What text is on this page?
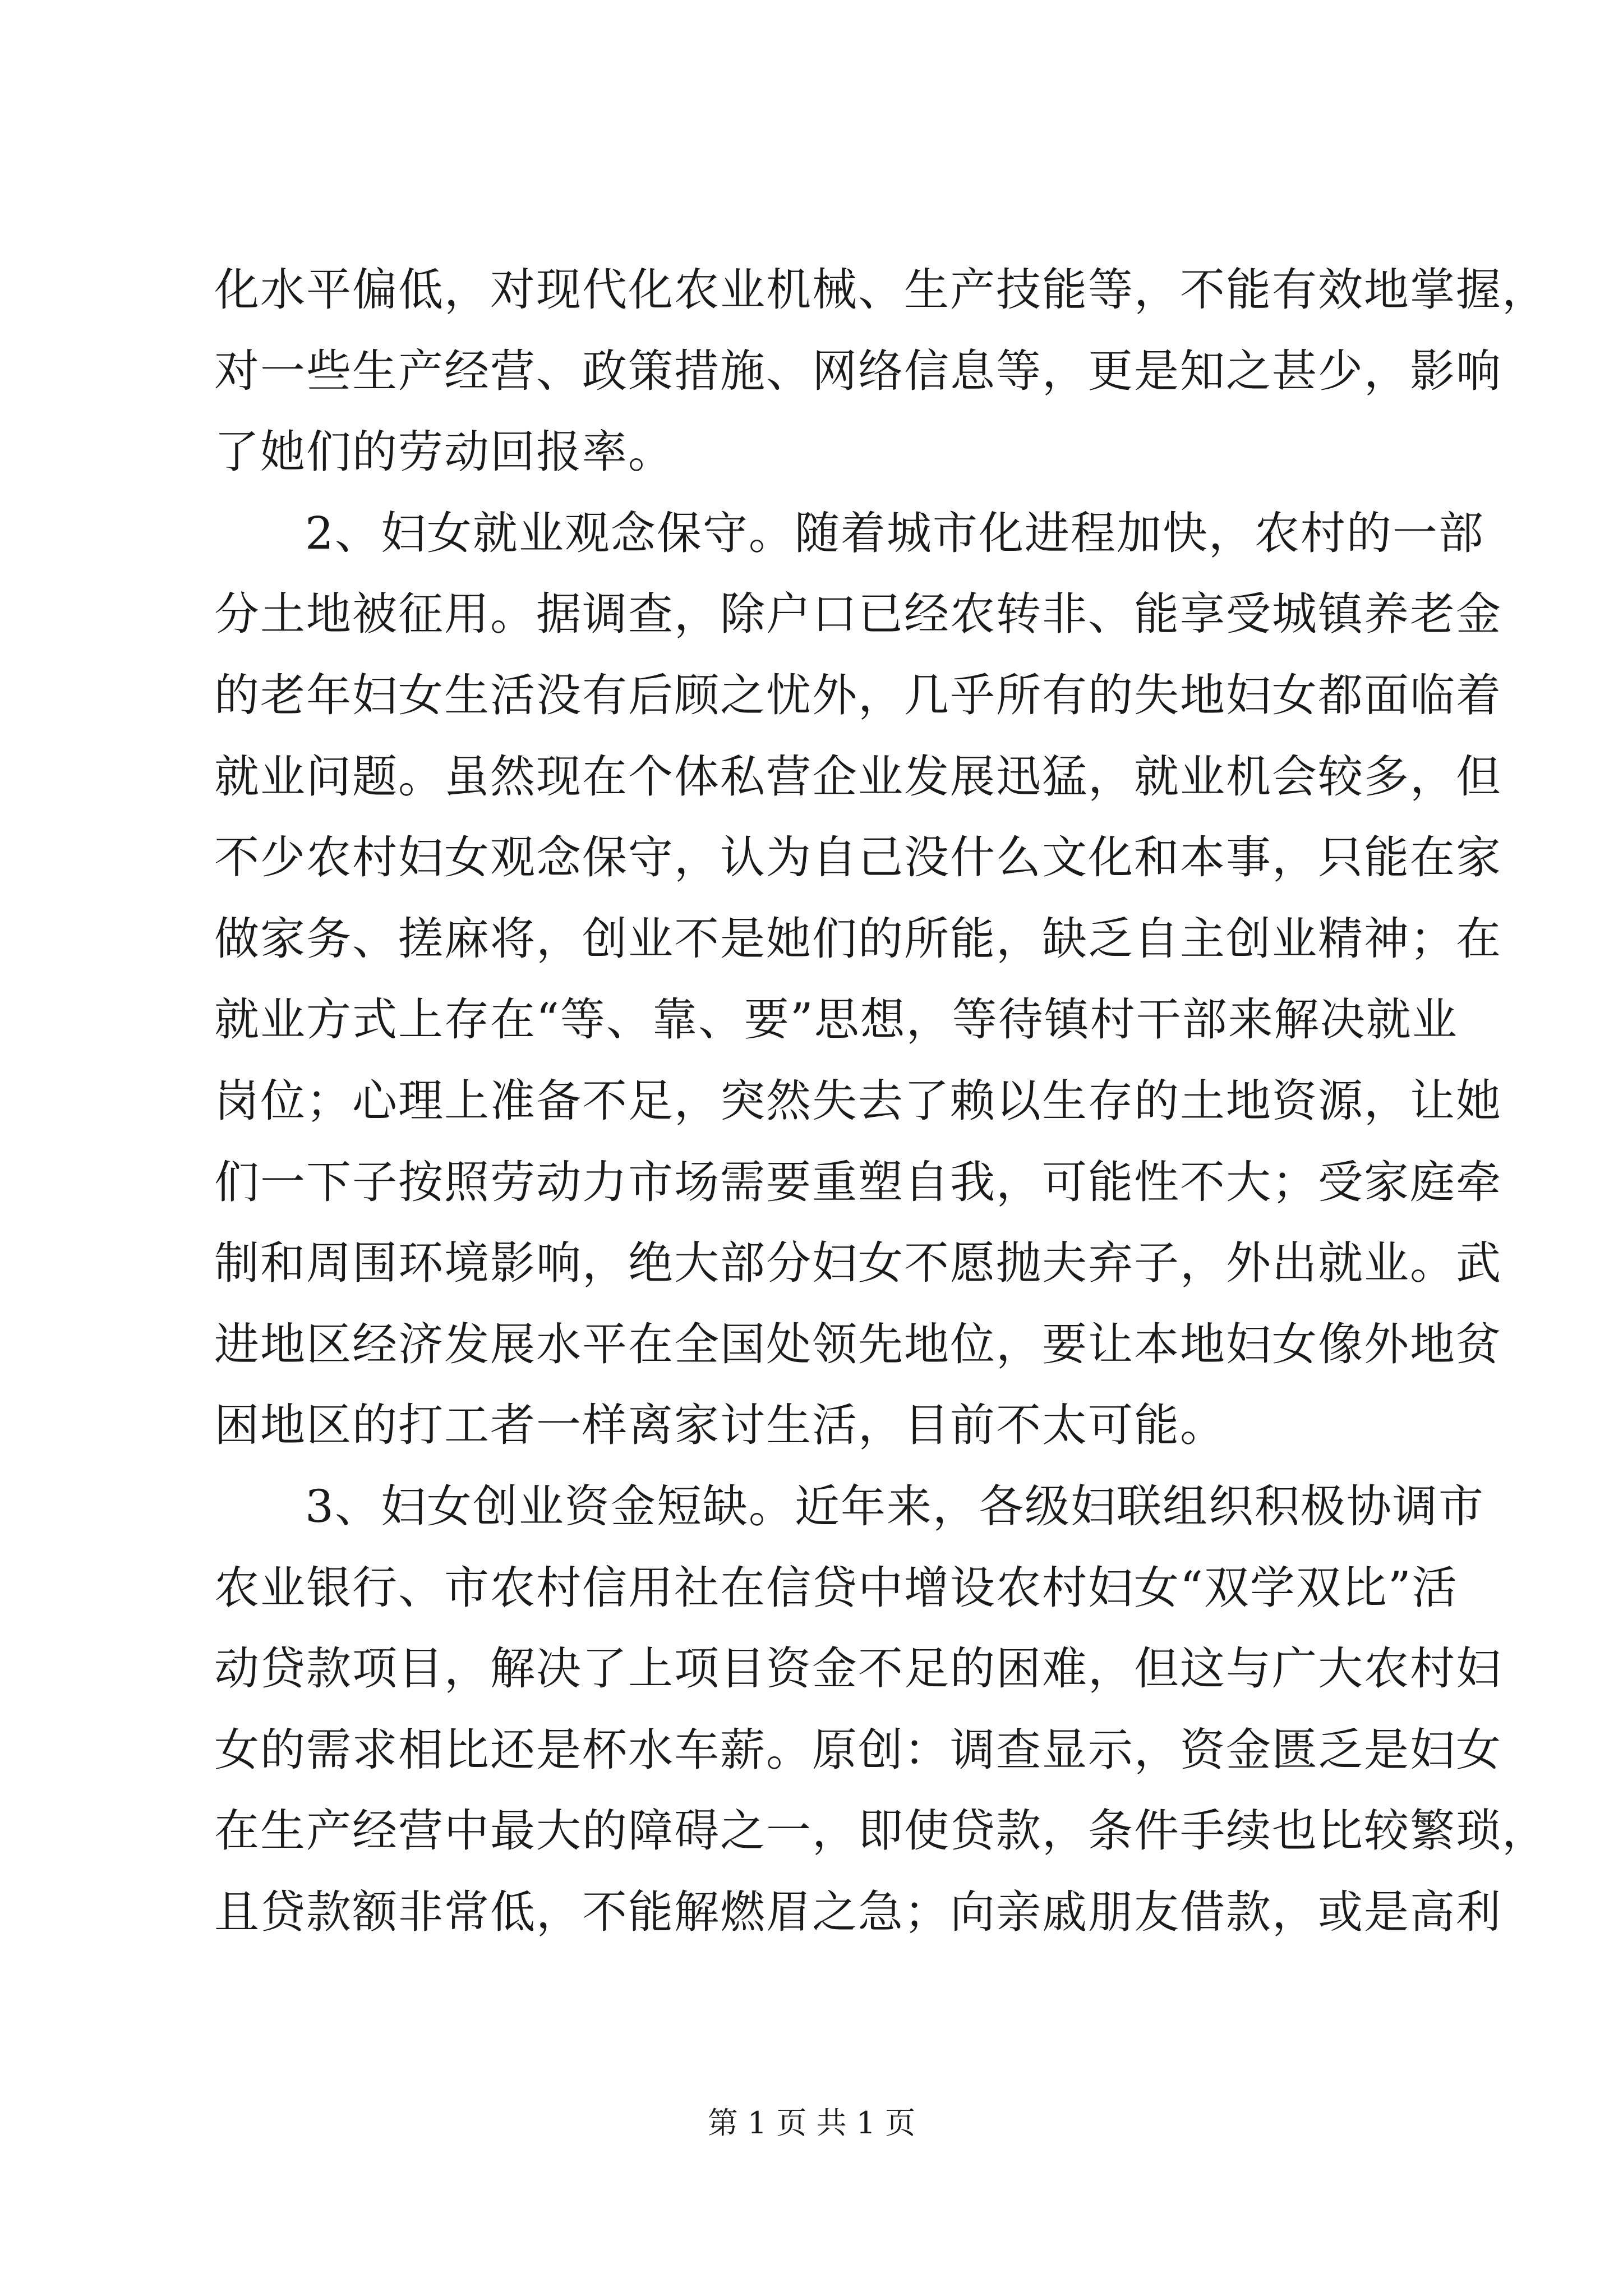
化水平偏低，对现代化农业机械、生产技能等，不能有效地掌握，
对一些生产经营、政策措施、网络信息等，更是知之甚少，影响
了她们的劳动回报率。
2、妇女就业观念保守。随着城市化进程加快，农村的一部
分土地被征用。据调查，除户口已经农转非、能享受城镇养老金
的老年妇女生活没有后顾之忧外，几乎所有的失地妇女都面临着
就业问题。虽然现在个体私营企业发展迅猛，就业机会较多，但
不少农村妇女观念保守，认为自己没什么文化和本事，只能在家
做家务、搓麻将，创业不是她们的所能，缺乏自主创业精神；在
就业方式上存在“等、靠、要”思想，等待镇村干部来解决就业
岗位；心理上准备不足，突然失去了赖以生存的土地资源，让她
们一下子按照劳动力市场需要重塑自我，可能性不大；受家庭牵
制和周围环境影响，绝大部分妇女不愿抛夫弃子，外出就业。武
进地区经济发展水平在全国处领先地位，要让本地妇女像外地贫
困地区的打工者一样离家讨生活，目前不太可能。
3、妇女创业资金短缺。近年来，各级妇联组织积极协调市
农业银行、市农村信用社在信贷中增设农村妇女“双学双比”活
动贷款项目，解决了上项目资金不足的困难，但这与广大农村妇
女的需求相比还是杯水车薪。原创：调查显示，资金匮乏是妇女
在生产经营中最大的障碍之一，即使贷款，条件手续也比较繁琐，
且贷款额非常低，不能解燃眉之急；向亲戚朋友借款，或是高利
第 1 页 共 1 页
